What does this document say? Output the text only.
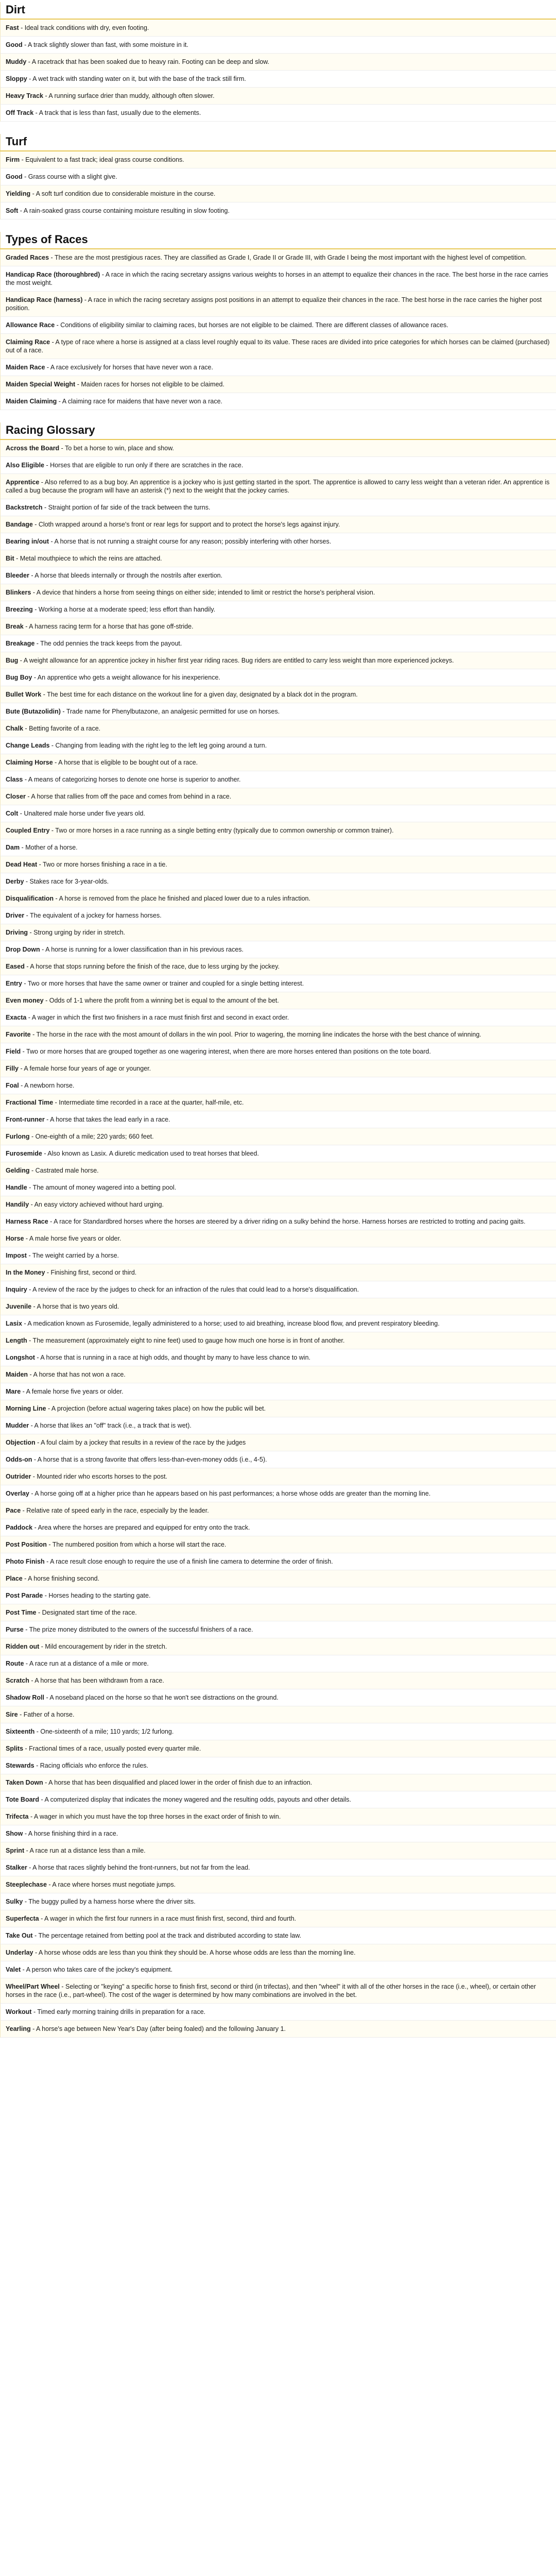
Dirt
Fast - Ideal track conditions with dry, even footing.
Good - A track slightly slower than fast, with some moisture in it.
Muddy - A racetrack that has been soaked due to heavy rain. Footing can be deep and slow.
Sloppy - A wet track with standing water on it, but with the base of the track still firm.
Heavy Track - A running surface drier than muddy, although often slower.
Off Track - A track that is less than fast, usually due to the elements.
Turf
Firm - Equivalent to a fast track; ideal grass course conditions.
Good - Grass course with a slight give.
Yielding - A soft turf condition due to considerable moisture in the course.
Soft - A rain-soaked grass course containing moisture resulting in slow footing.
Types of Races
Graded Races - These are the most prestigious races. They are classified as Grade I, Grade II or Grade III, with Grade I being the most important with the highest level of competition.
Handicap Race (thoroughbred) - A race in which the racing secretary assigns various weights to horses in an attempt to equalize their chances in the race. The best horse in the race carries the most weight.
Handicap Race (harness) - A race in which the racing secretary assigns post positions in an attempt to equalize their chances in the race. The best horse in the race carries the higher post position.
Allowance Race - Conditions of eligibility similar to claiming races, but horses are not eligible to be claimed. There are different classes of allowance races.
Claiming Race - A type of race where a horse is assigned at a class level roughly equal to its value. These races are divided into price categories for which horses can be claimed (purchased) out of a race.
Maiden Race - A race exclusively for horses that have never won a race.
Maiden Special Weight - Maiden races for horses not eligible to be claimed.
Maiden Claiming - A claiming race for maidens that have never won a race.
Racing Glossary
Across the Board - To bet a horse to win, place and show.
Also Eligible - Horses that are eligible to run only if there are scratches in the race.
Apprentice - Also referred to as a bug boy. An apprentice is a jockey who is just getting started in the sport. The apprentice is allowed to carry less weight than a veteran rider. An apprentice is called a bug because the program will have an asterisk (*) next to the weight that the jockey carries.
Backstretch - Straight portion of far side of the track between the turns.
Bandage - Cloth wrapped around a horse's front or rear legs for support and to protect the horse's legs against injury.
Bearing in/out - A horse that is not running a straight course for any reason; possibly interfering with other horses.
Bit - Metal mouthpiece to which the reins are attached.
Bleeder - A horse that bleeds internally or through the nostrils after exertion.
Blinkers - A device that hinders a horse from seeing things on either side; intended to limit or restrict the horse's peripheral vision.
Breezing - Working a horse at a moderate speed; less effort than handily.
Break - A harness racing term for a horse that has gone off-stride.
Breakage - The odd pennies the track keeps from the payout.
Bug - A weight allowance for an apprentice jockey in his/her first year riding races. Bug riders are entitled to carry less weight than more experienced jockeys.
Bug Boy - An apprentice who gets a weight allowance for his inexperience.
Bullet Work - The best time for each distance on the workout line for a given day, designated by a black dot in the program.
Bute (Butazolidin) - Trade name for Phenylbutazone, an analgesic permitted for use on horses.
Chalk - Betting favorite of a race.
Change Leads - Changing from leading with the right leg to the left leg going around a turn.
Claiming Horse - A horse that is eligible to be bought out of a race.
Class - A means of categorizing horses to denote one horse is superior to another.
Closer - A horse that rallies from off the pace and comes from behind in a race.
Colt - Unaltered male horse under five years old.
Coupled Entry - Two or more horses in a race running as a single betting entry (typically due to common ownership or common trainer).
Dam - Mother of a horse.
Dead Heat - Two or more horses finishing a race in a tie.
Derby - Stakes race for 3-year-olds.
Disqualification - A horse is removed from the place he finished and placed lower due to a rules infraction.
Driver - The equivalent of a jockey for harness horses.
Driving - Strong urging by rider in stretch.
Drop Down - A horse is running for a lower classification than in his previous races.
Eased - A horse that stops running before the finish of the race, due to less urging by the jockey.
Entry - Two or more horses that have the same owner or trainer and coupled for a single betting interest.
Even money - Odds of 1-1 where the profit from a winning bet is equal to the amount of the bet.
Exacta - A wager in which the first two finishers in a race must finish first and second in exact order.
Favorite - The horse in the race with the most amount of dollars in the win pool. Prior to wagering, the morning line indicates the horse with the best chance of winning.
Field - Two or more horses that are grouped together as one wagering interest, when there are more horses entered than positions on the tote board.
Filly - A female horse four years of age or younger.
Foal - A newborn horse.
Fractional Time - Intermediate time recorded in a race at the quarter, half-mile, etc.
Front-runner - A horse that takes the lead early in a race.
Furlong - One-eighth of a mile; 220 yards; 660 feet.
Furosemide - Also known as Lasix. A diuretic medication used to treat horses that bleed.
Gelding - Castrated male horse.
Handle - The amount of money wagered into a betting pool.
Handily - An easy victory achieved without hard urging.
Harness Race - A race for Standardbred horses where the horses are steered by a driver riding on a sulky behind the horse. Harness horses are restricted to trotting and pacing gaits.
Horse - A male horse five years or older.
Impost - The weight carried by a horse.
In the Money - Finishing first, second or third.
Inquiry - A review of the race by the judges to check for an infraction of the rules that could lead to a horse's disqualification.
Juvenile - A horse that is two years old.
Lasix - A medication known as Furosemide, legally administered to a horse; used to aid breathing, increase blood flow, and prevent respiratory bleeding.
Length - The measurement (approximately eight to nine feet) used to gauge how much one horse is in front of another.
Longshot - A horse that is running in a race at high odds, and thought by many to have less chance to win.
Maiden - A horse that has not won a race.
Mare - A female horse five years or older.
Morning Line - A projection (before actual wagering takes place) on how the public will bet.
Mudder - A horse that likes an "off" track (i.e., a track that is wet).
Objection - A foul claim by a jockey that results in a review of the race by the judges
Odds-on - A horse that is a strong favorite that offers less-than-even-money odds (i.e., 4-5).
Outrider - Mounted rider who escorts horses to the post.
Overlay - A horse going off at a higher price than he appears based on his past performances; a horse whose odds are greater than the morning line.
Pace - Relative rate of speed early in the race, especially by the leader.
Paddock - Area where the horses are prepared and equipped for entry onto the track.
Post Position - The numbered position from which a horse will start the race.
Photo Finish - A race result close enough to require the use of a finish line camera to determine the order of finish.
Place - A horse finishing second.
Post Parade - Horses heading to the starting gate.
Post Time - Designated start time of the race.
Purse - The prize money distributed to the owners of the successful finishers of a race.
Ridden out - Mild encouragement by rider in the stretch.
Route - A race run at a distance of a mile or more.
Scratch - A horse that has been withdrawn from a race.
Shadow Roll - A noseband placed on the horse so that he won't see distractions on the ground.
Sire - Father of a horse.
Sixteenth - One-sixteenth of a mile; 110 yards; 1/2 furlong.
Splits - Fractional times of a race, usually posted every quarter mile.
Stewards - Racing officials who enforce the rules.
Taken Down - A horse that has been disqualified and placed lower in the order of finish due to an infraction.
Tote Board - A computerized display that indicates the money wagered and the resulting odds, payouts and other details.
Trifecta - A wager in which you must have the top three horses in the exact order of finish to win.
Show - A horse finishing third in a race.
Sprint - A race run at a distance less than a mile.
Stalker - A horse that races slightly behind the front-runners, but not far from the lead.
Steeplechase - A race where horses must negotiate jumps.
Sulky - The buggy pulled by a harness horse where the driver sits.
Superfecta - A wager in which the first four runners in a race must finish first, second, third and fourth.
Take Out - The percentage retained from betting pool at the track and distributed according to state law.
Underlay - A horse whose odds are less than you think they should be. A horse whose odds are less than the morning line.
Valet - A person who takes care of the jockey's equipment.
Wheel/Part Wheel - Selecting or "keying" a specific horse to finish first, second or third (in trifectas), and then "wheel" it with all of the other horses in the race (i.e., wheel), or certain other horses in the race (i.e., part-wheel). The cost of the wager is determined by how many combinations are involved in the bet.
Workout - Timed early morning training drills in preparation for a race.
Yearling - A horse's age between New Year's Day (after being foaled) and the following January 1.
